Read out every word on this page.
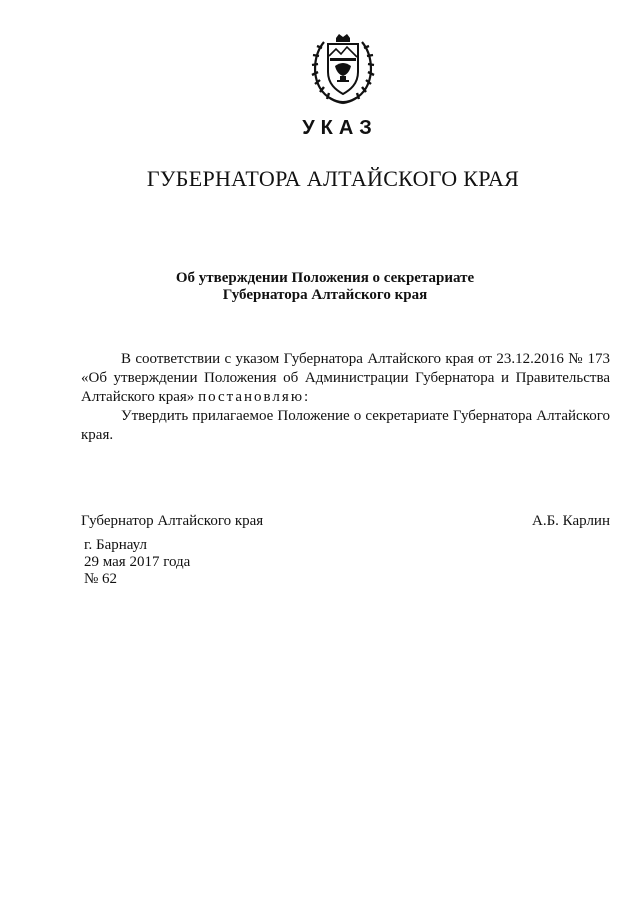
УКАЗ
ГУБЕРНАТОРА АЛТАЙСКОГО КРАЯ
Об утверждении Положения о секретариате
Губернатора Алтайского края

В соответствии с указом Губернатора Алтайского края от 23.12.2016 № 173 «Об утверждении Положения об Администрации Губернатора и Правительства Алтайского края» постановляю:

Утвердить прилагаемое Положение о секретариате Губернатора Алтайского края.

Губернатор Алтайского края	А.Б. Карлин
г. Барнаул
29 мая 2017 года
№ 62
